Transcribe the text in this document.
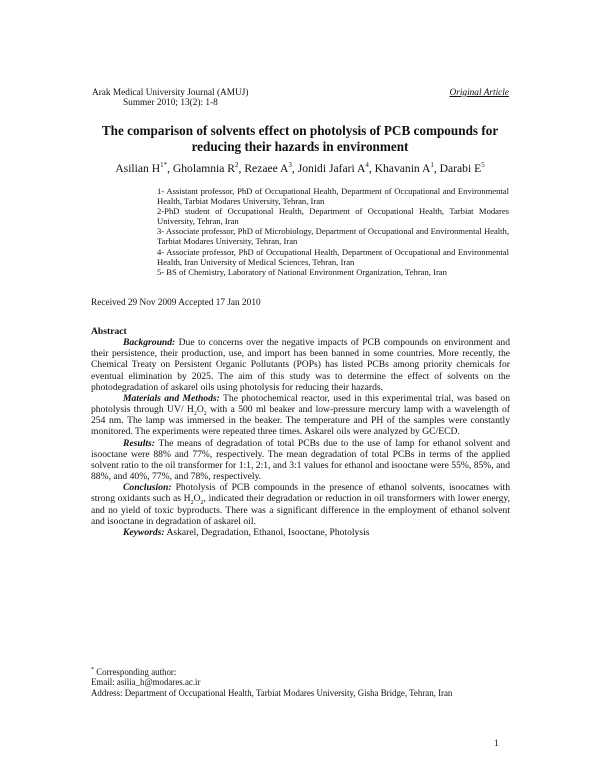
Arak Medical University Journal (AMUJ)
Summer 2010; 13(2): 1-8
Original Article
The comparison of solvents effect on photolysis of PCB compounds for reducing their hazards in environment
Asilian $H^{1*}$, Gholamnia $R^2$, Rezaee $A^3$, Jonidi Jafari $A^4$, Khavanin $A^1$, Darabi $E^5$

1- Assistant professor, PhD of Occupational Health, Department of Occupational and Environmental Health, Tarbiat Modares University, Tehran, Iran

2-PhD student of Occupational Health, Department of Occupational Health, Tarbiat Modares University, Tehran, Iran

3- Associate professor, PhD of Microbiology, Department of Occupational and Environmental Health, Tarbiat Modares University, Tehran, Iran

4- Associate professor, PhD of Occupational Health, Department of Occupational and Environmental Health, Iran University of Medical Sciences, Tehran, Iran

5- BS of Chemistry, Laboratory of National Environment Organization, Tehran, Iran

Received 29 Nov 2009 Accepted 17 Jan 2010

Abstract

Background: Due to concerns over the negative impacts of PCB compounds on environment and their persistence, their production, use, and import has been banned in some countries. More recently, the Chemical Treaty on Persistent Organic Pollutants (POPs) has listed PCBs among priority chemicals for eventual elimination by 2025. The aim of this study was to determine the effect of solvents on the photodegradation of askarel oils using photolysis for reducing their hazards.

Materials and Methods: The photochemical reactor, used in this experimental trial, was based on photolysis through UV/ $H_2O_2$ with a 500 ml beaker and low-pressure mercury lamp with a wavelength of 254 nm. The lamp was immersed in the beaker. The temperature and PH of the samples were constantly monitored. The experiments were repeated three times. Askarel oils were analyzed by GC/ECD.

Results: The means of degradation of total PCBs due to the use of lamp for ethanol solvent and isooctane were 88% and 77%, respectively. The mean degradation of total PCBs in terms of the applied solvent ratio to the oil transformer for 1:1, 2:1, and 3:1 values for ethanol and isooctane were 55%, 85%, and 88%, and 40%, 77%, and 78%, respectively.

Conclusion: Photolysis of PCB compounds in the presence of ethanol solvents, isoocatnes with strong oxidants such as $H_2O_2$, indicated their degradation or reduction in oil transformers with lower energy, and no yield of toxic byproducts. There was a significant difference in the employment of ethanol solvent and isooctane in degradation of askarel oil.

Keywords: Askarel, Degradation, Ethanol, Isooctane, Photolysis

* Corresponding author:
Email: asilia_h@modares.ac.ir
Address: Department of Occupational Health, Tarbiat Modares University, Gisha Bridge, Tehran, Iran
1
